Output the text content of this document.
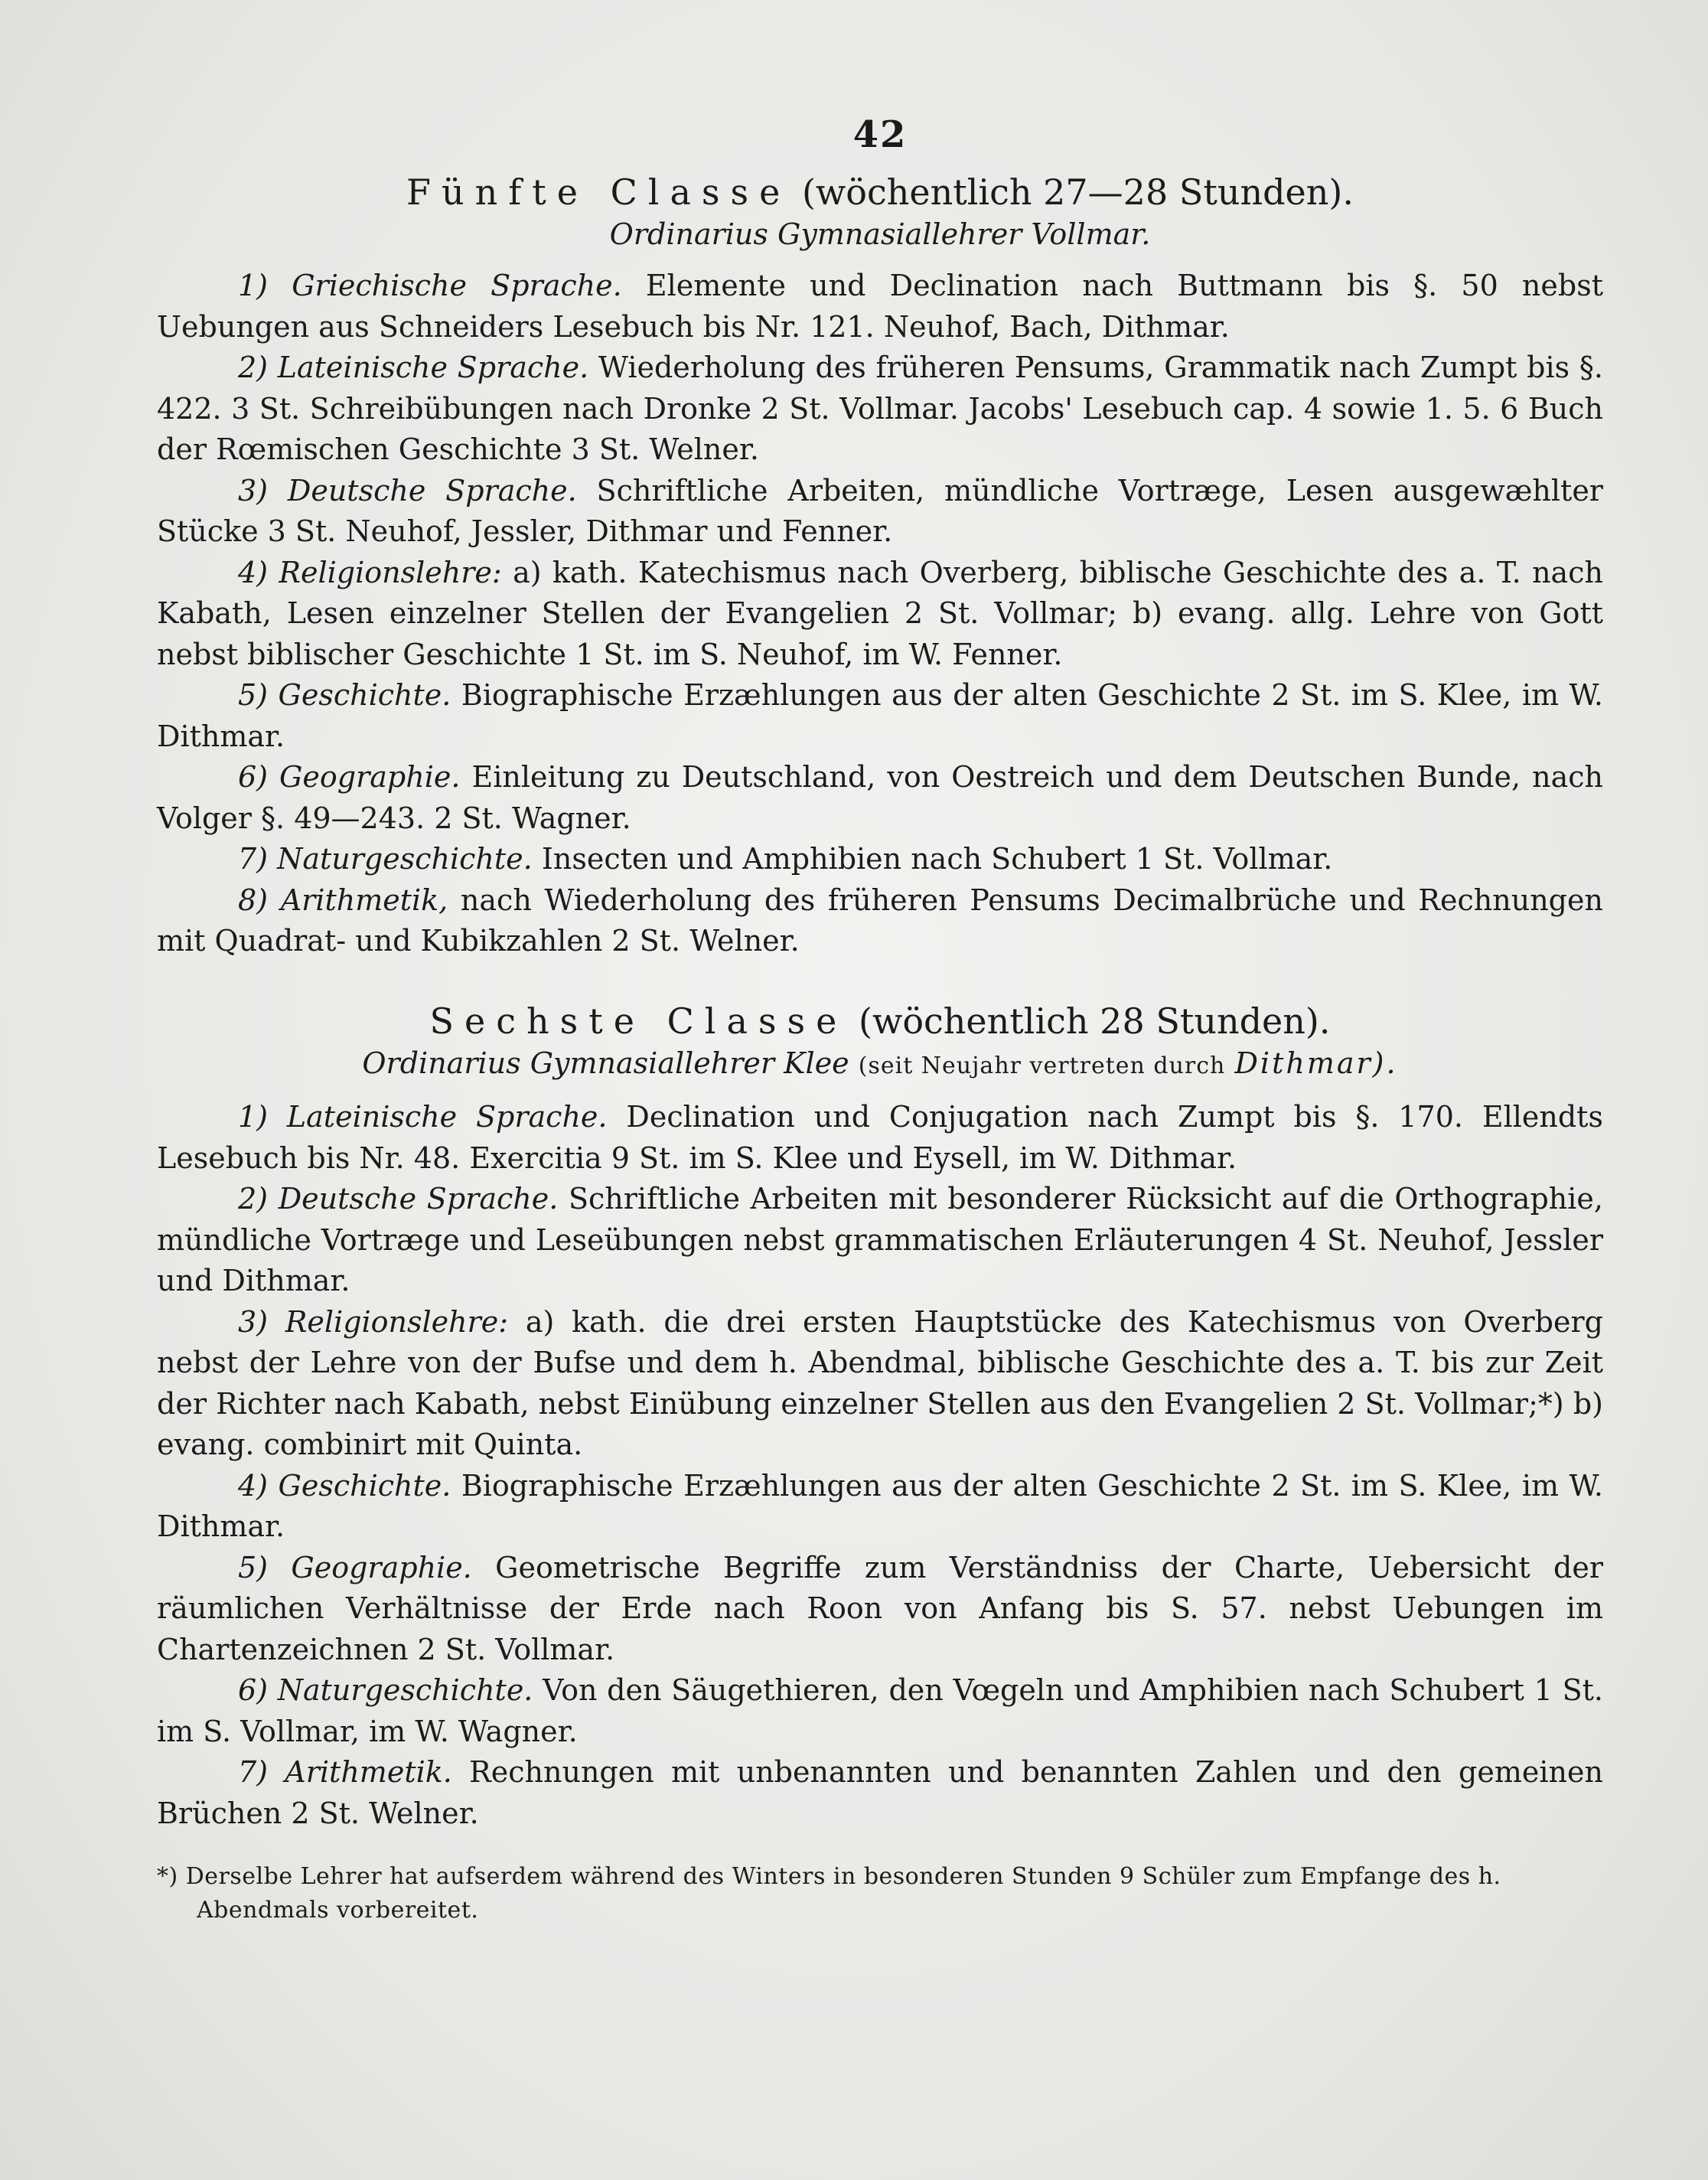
42

Fünfte Classe (wöchentlich 27—28 Stunden).

Ordinarius Gymnasiallehrer Vollmar.

1) Griechische Sprache. Elemente und Declination nach Buttmann bis §. 50 nebst Uebungen aus Schneiders Lesebuch bis Nr. 121. Neuhof, Bach, Dithmar.

2) Lateinische Sprache. Wiederholung des früheren Pensums, Grammatik nach Zumpt bis §. 422. 3 St. Schreibübungen nach Dronke 2 St. Vollmar. Jacobs' Lesebuch cap. 4 sowie 1. 5. 6 Buch der Rœmischen Geschichte 3 St. Welner.

3) Deutsche Sprache. Schriftliche Arbeiten, mündliche Vortræge, Lesen ausgewæhlter Stücke 3 St. Neuhof, Jessler, Dithmar und Fenner.

4) Religionslehre: a) kath. Katechismus nach Overberg, biblische Geschichte des a. T. nach Kabath, Lesen einzelner Stellen der Evangelien 2 St. Vollmar; b) evang. allg. Lehre von Gott nebst biblischer Geschichte 1 St. im S. Neuhof, im W. Fenner.

5) Geschichte. Biographische Erzæhlungen aus der alten Geschichte 2 St. im S. Klee, im W. Dithmar.

6) Geographie. Einleitung zu Deutschland, von Oestreich und dem Deutschen Bunde, nach Volger §. 49—243. 2 St. Wagner.

7) Naturgeschichte. Insecten und Amphibien nach Schubert 1 St. Vollmar.

8) Arithmetik, nach Wiederholung des früheren Pensums Decimalbrüche und Rechnungen mit Quadrat- und Kubikzahlen 2 St. Welner.

Sechste Classe (wöchentlich 28 Stunden).

Ordinarius Gymnasiallehrer Klee (seit Neujahr vertreten durch Dithmar).

1) Lateinische Sprache. Declination und Conjugation nach Zumpt bis §. 170. Ellendts Lesebuch bis Nr. 48. Exercitia 9 St. im S. Klee und Eysell, im W. Dithmar.

2) Deutsche Sprache. Schriftliche Arbeiten mit besonderer Rücksicht auf die Orthographie, mündliche Vortræge und Leseübungen nebst grammatischen Erläuterungen 4 St. Neuhof, Jessler und Dithmar.

3) Religionslehre: a) kath. die drei ersten Hauptstücke des Katechismus von Overberg nebst der Lehre von der Bufse und dem h. Abendmal, biblische Geschichte des a. T. bis zur Zeit der Richter nach Kabath, nebst Einübung einzelner Stellen aus den Evangelien 2 St. Vollmar;*) b) evang. combinirt mit Quinta.

4) Geschichte. Biographische Erzæhlungen aus der alten Geschichte 2 St. im S. Klee, im W. Dithmar.

5) Geographie. Geometrische Begriffe zum Verständniss der Charte, Uebersicht der räumlichen Verhältnisse der Erde nach Roon von Anfang bis S. 57. nebst Uebungen im Chartenzeichnen 2 St. Vollmar.

6) Naturgeschichte. Von den Säugethieren, den Vœgeln und Amphibien nach Schubert 1 St. im S. Vollmar, im W. Wagner.

7) Arithmetik. Rechnungen mit unbenannten und benannten Zahlen und den gemeinen Brüchen 2 St. Welner.

*) Derselbe Lehrer hat aufserdem während des Winters in besonderen Stunden 9 Schüler zum Empfange des h. Abendmals vorbereitet.
